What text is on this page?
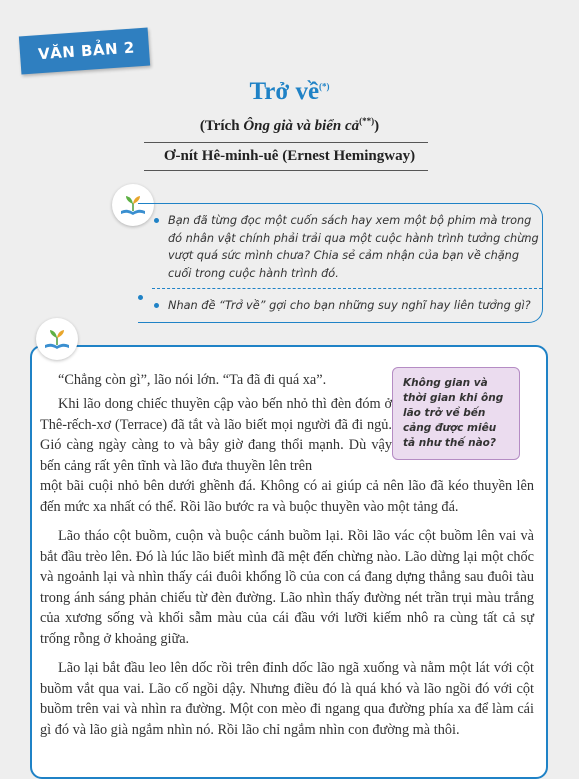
VĂN BẢN 2
Trở về(*)
(Trích Ông già và biển cả(**))
Ơ-nít Hê-minh-uê (Ernest Hemingway)
Bạn đã từng đọc một cuốn sách hay xem một bộ phim mà trong đó nhân vật chính phải trải qua một cuộc hành trình tưởng chừng vượt quá sức mình chưa? Chia sẻ cảm nhận của bạn về chặng cuối trong cuộc hành trình đó.
Nhan đề “Trở về” gợi cho bạn những suy nghĩ hay liên tưởng gì?

“Chẳng còn gì”, lão nói lớn. “Ta đã đi quá xa”.

Khi lão dong chiếc thuyền cập vào bến nhỏ thì đèn đóm ở Thê-rếch-xơ (Terrace) đã tắt và lão biết mọi người đã đi ngủ. Gió càng ngày càng to và bây giờ đang thổi mạnh. Dù vậy bến cảng rất yên tĩnh và lão đưa thuyền lên trên

một bãi cuội nhỏ bên dưới ghềnh đá. Không có ai giúp cả nên lão đã kéo thuyền lên đến mức xa nhất có thể. Rồi lão bước ra và buộc thuyền vào một tảng đá.

Lão tháo cột buồm, cuộn và buộc cánh buồm lại. Rồi lão vác cột buồm lên vai và bắt đầu trèo lên. Đó là lúc lão biết mình đã mệt đến chừng nào. Lão dừng lại một chốc và ngoảnh lại và nhìn thấy cái đuôi khổng lồ của con cá đang dựng thẳng sau đuôi tàu trong ánh sáng phản chiếu từ đèn đường. Lão nhìn thấy đường nét trần trụi màu trắng của xương sống và khối sẫm màu của cái đầu với lưỡi kiếm nhô ra cùng tất cả sự trống rỗng ở khoảng giữa.

Lão lại bắt đầu leo lên dốc rồi trên đỉnh dốc lão ngã xuống và nằm một lát với cột buồm vắt qua vai. Lão cố ngồi dậy. Nhưng điều đó là quá khó và lão ngồi đó với cột buồm trên vai và nhìn ra đường. Một con mèo đi ngang qua đường phía xa để làm cái gì đó và lão già ngắm nhìn nó. Rồi lão chỉ ngắm nhìn con đường mà thôi.

Không gian và thời gian khi ông lão trở về bến cảng được miêu tả như thế nào?
